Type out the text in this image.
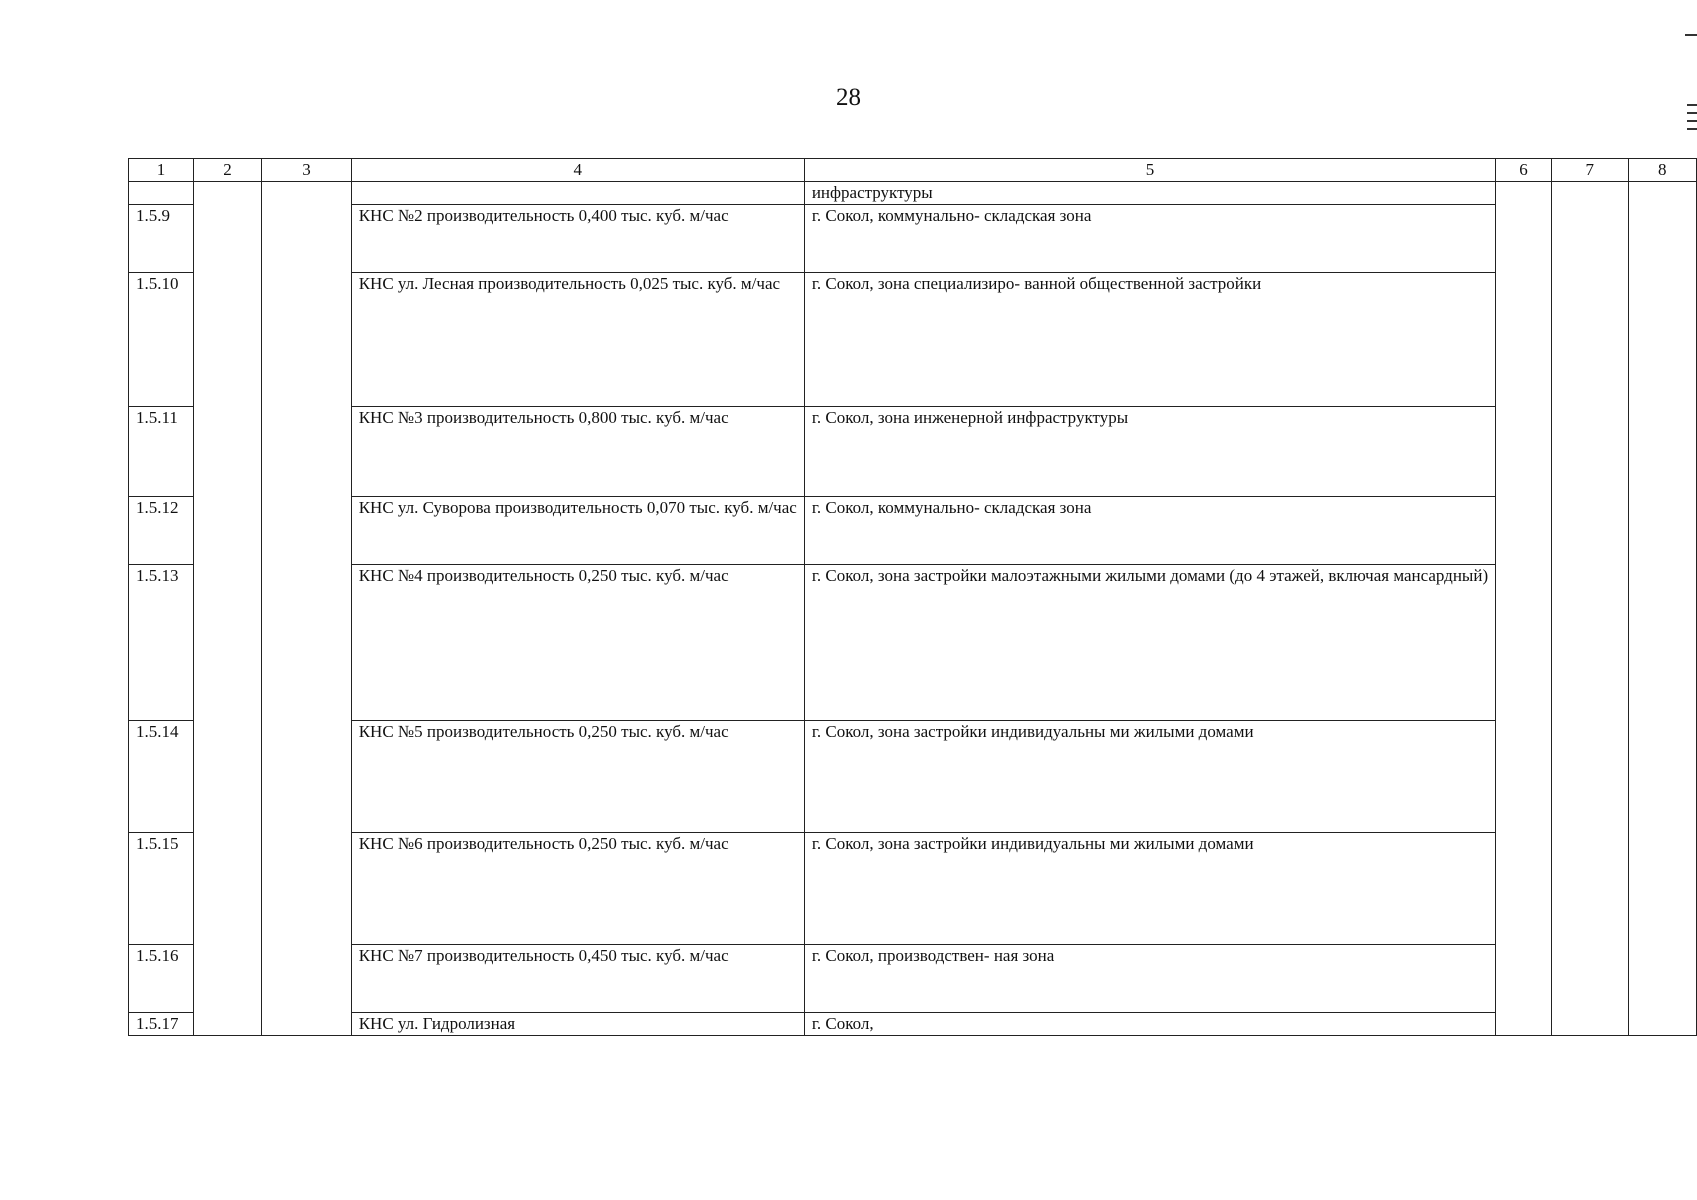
28
1	2	3	4	5	6	7	8
				инфраструктуры			
1.5.9			КНС №2 производительность 0,400 тыс. куб. м/час	г. Сокол, коммунально- складская зона			
1.5.10			КНС ул. Лесная производительность 0,025 тыс. куб. м/час	г. Сокол, зона специализиро- ванной общественной застройки			
1.5.11			КНС №3 производительность 0,800 тыс. куб. м/час	г. Сокол, зона инженерной инфраструктуры			
1.5.12			КНС ул. Суворова производительность 0,070 тыс. куб. м/час	г. Сокол, коммунально- складская зона			
1.5.13			КНС №4 производительность 0,250 тыс. куб. м/час	г. Сокол, зона застройки малоэтажными жилыми домами (до 4 этажей, включая мансардный)			
1.5.14			КНС №5 производительность 0,250 тыс. куб. м/час	г. Сокол, зона застройки индивидуальны ми жилыми домами			
1.5.15			КНС №6 производительность 0,250 тыс. куб. м/час	г. Сокол, зона застройки индивидуальны ми жилыми домами			
1.5.16			КНС №7 производительность 0,450 тыс. куб. м/час	г. Сокол, производствен- ная зона			
1.5.17			КНС ул. Гидролизная	г. Сокол,			
